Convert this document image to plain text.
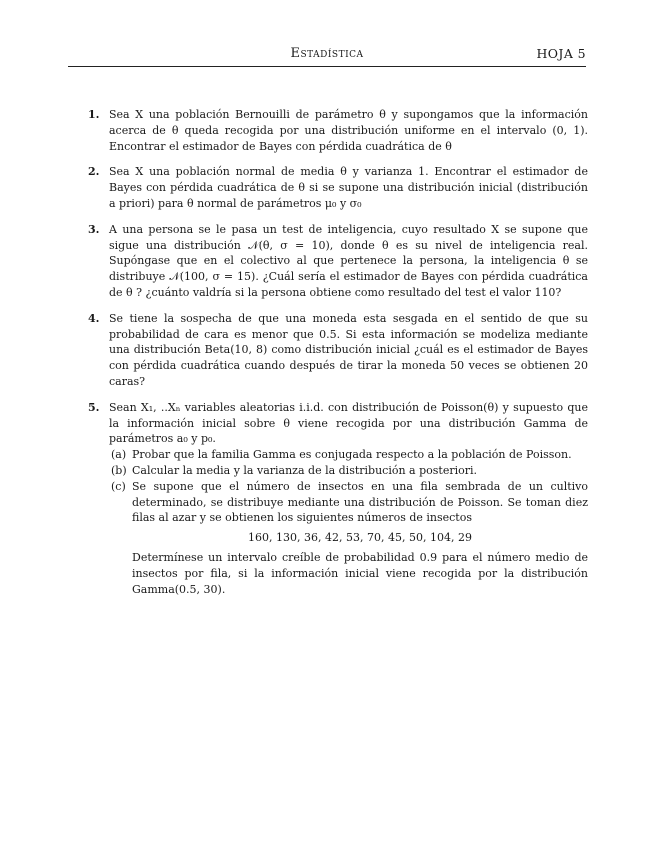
Estadística	HOJA 5
1. Sea X una población Bernouilli de parámetro θ y supongamos que la información acerca de θ queda recogida por una distribución uniforme en el intervalo (0, 1). Encontrar el estimador de Bayes con pérdida cuadrática de θ
2. Sea X una población normal de media θ y varianza 1. Encontrar el estimador de Bayes con pérdida cuadrática de θ si se supone una distribución inicial (distribución a priori) para θ normal de parámetros μ₀ y σ₀
3. A una persona se le pasa un test de inteligencia, cuyo resultado X se supone que sigue una distribución 𝒩(θ, σ = 10), donde θ es su nivel de inteligencia real. Supóngase que en el colectivo al que pertenece la persona, la inteligencia θ se distribuye 𝒩(100, σ = 15). ¿Cuál sería el estimador de Bayes con pérdida cuadrática de θ ? ¿cuánto valdría si la persona obtiene como resultado del test el valor 110?
4. Se tiene la sospecha de que una moneda esta sesgada en el sentido de que su probabilidad de cara es menor que 0.5. Si esta información se modeliza mediante una distribución Beta(10, 8) como distribución inicial ¿cuál es el estimador de Bayes con pérdida cuadrática cuando después de tirar la moneda 50 veces se obtienen 20 caras?
5. Sean X₁, ..Xₙ variables aleatorias i.i.d. con distribución de Poisson(θ) y supuesto que la información inicial sobre θ viene recogida por una distribución Gamma de parámetros a₀ y p₀.
(a) Probar que la familia Gamma es conjugada respecto a la población de Poisson.
(b) Calcular la media y la varianza de la distribución a posteriori.
(c) Se supone que el número de insectos en una fila sembrada de un cultivo determinado, se distribuye mediante una distribución de Poisson. Se toman diez filas al azar y se obtienen los siguientes números de insectos
160, 130, 36, 42, 53, 70, 45, 50, 104, 29
Determínese un intervalo creíble de probabilidad 0.9 para el número medio de insectos por fila, si la información inicial viene recogida por la distribución Gamma(0.5, 30).
